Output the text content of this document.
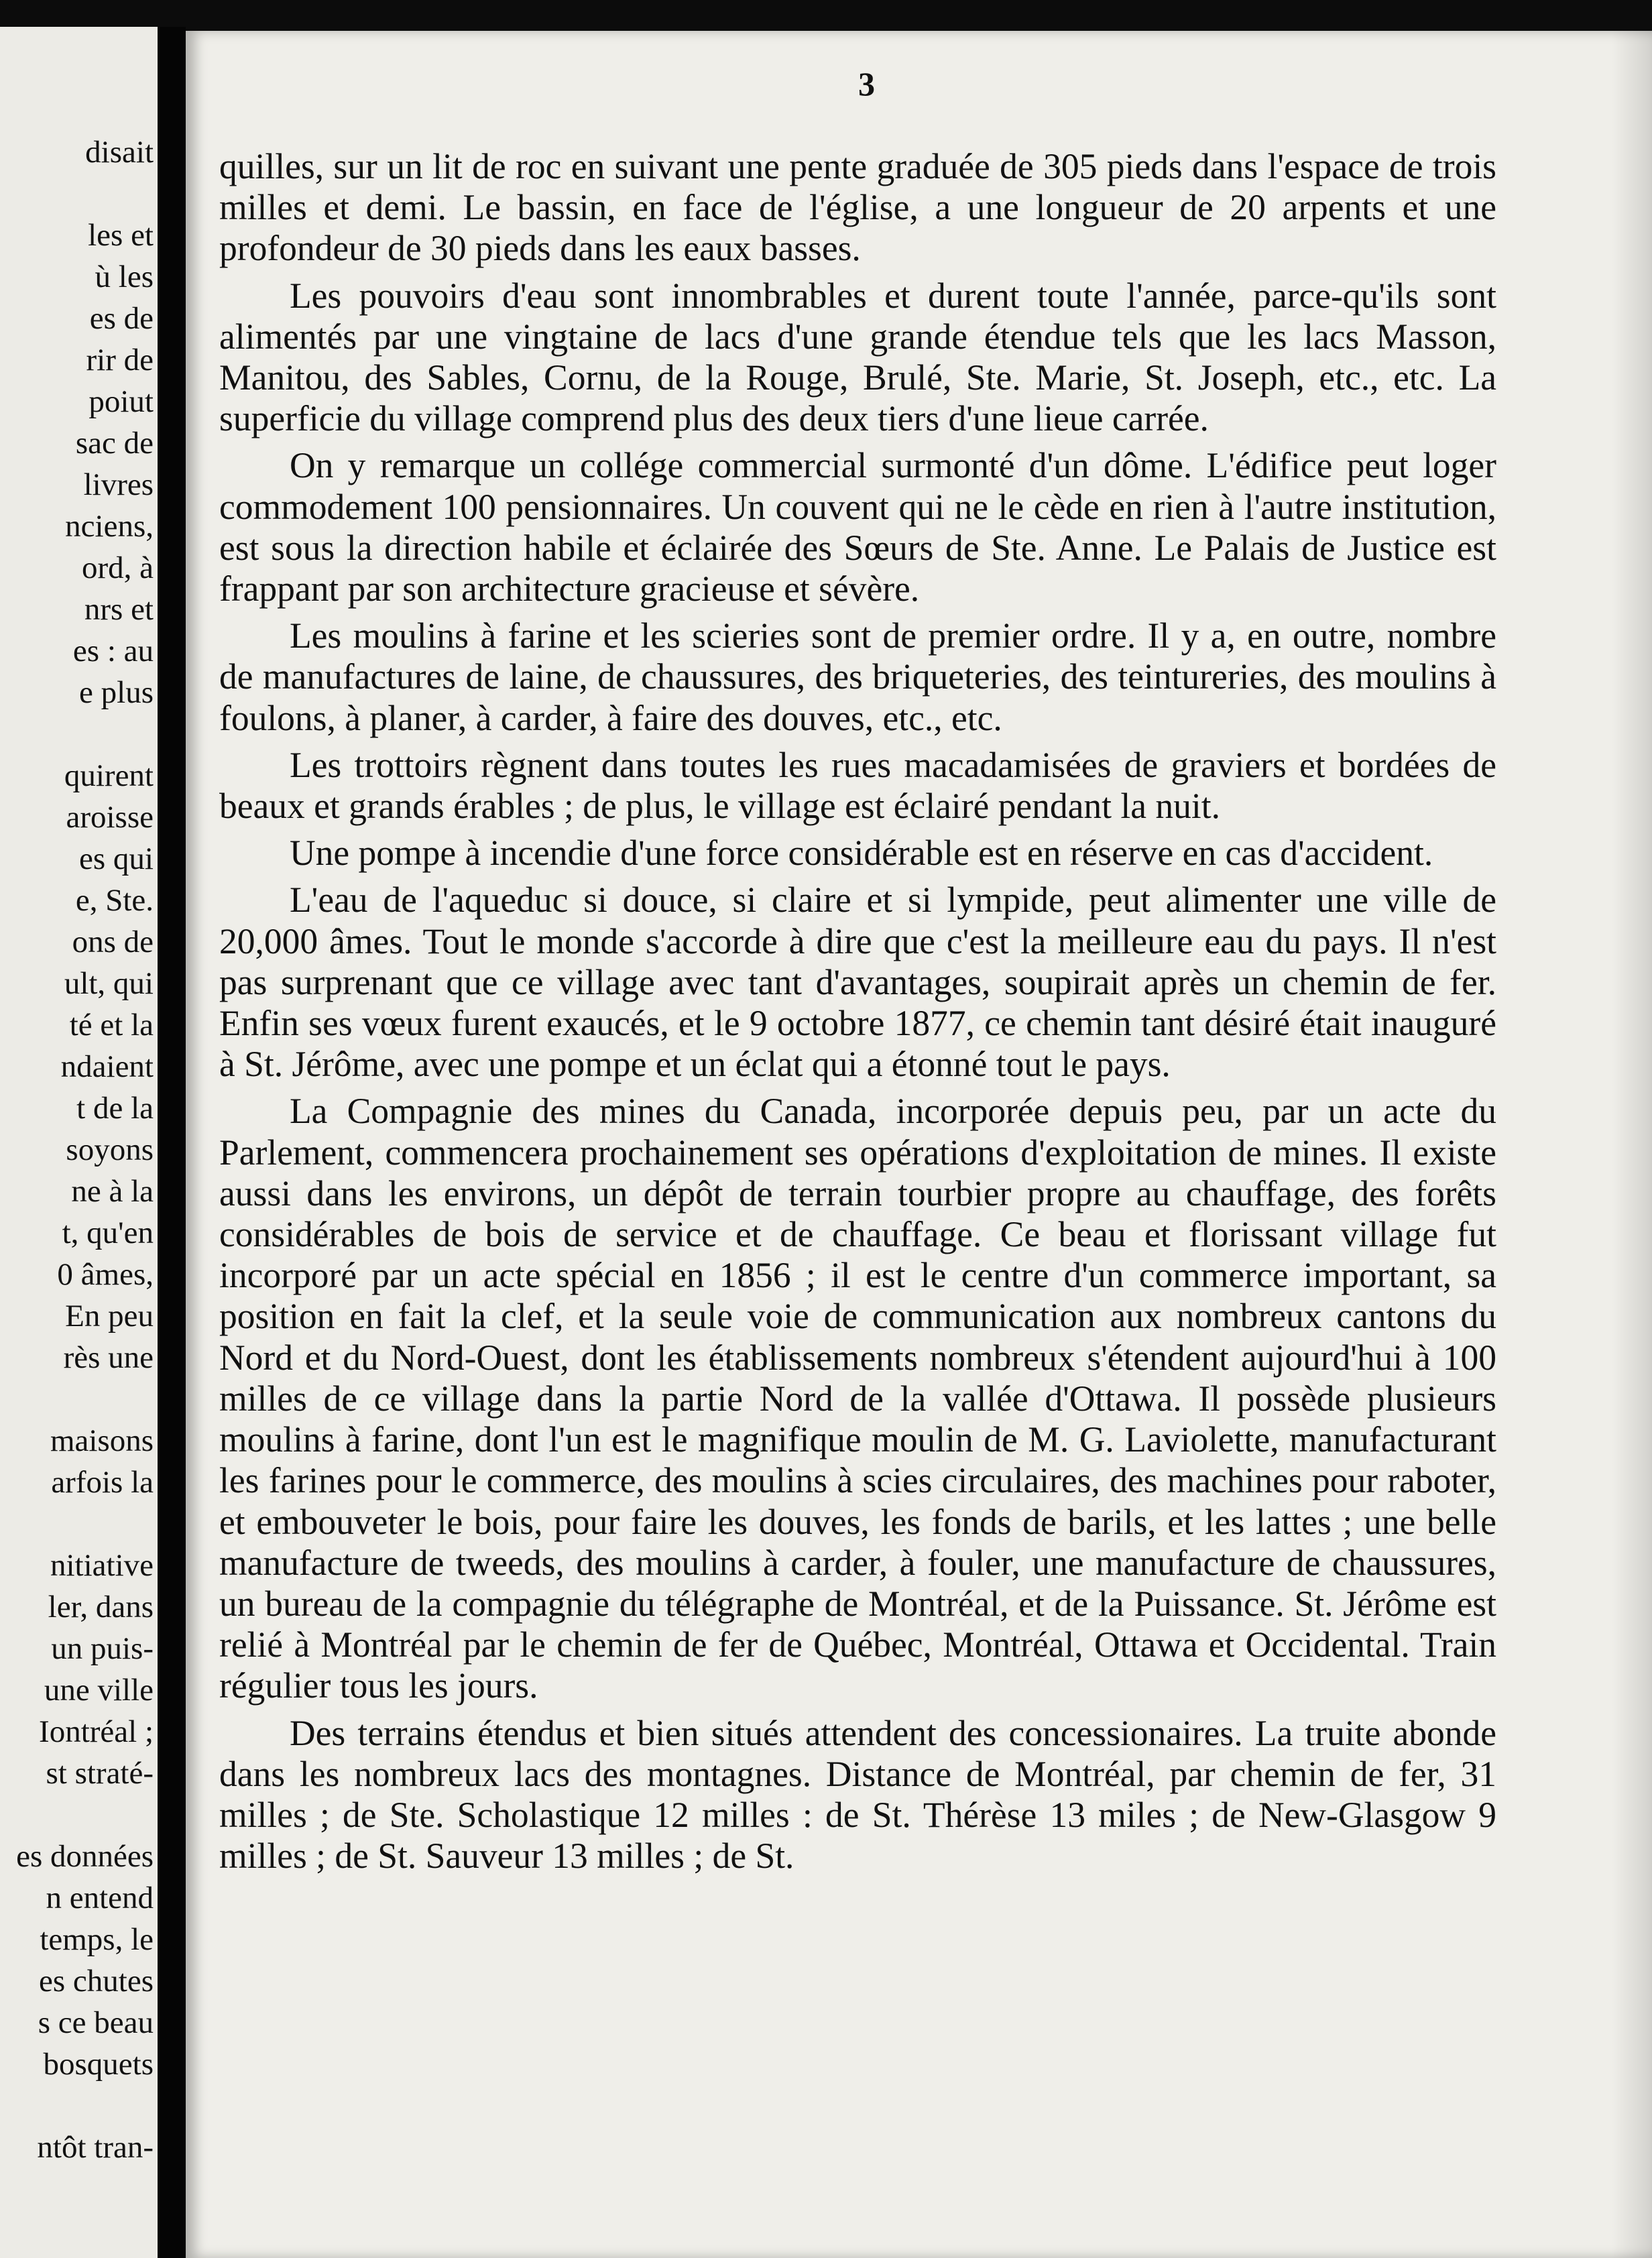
disait
les et
ù les
es de
rir de
poiut
sac de
livres
nciens,
ord, à
nrs et
es : au
e plus
quirent
aroisse
es qui
e, Ste.
ons de
ult, qui
té et la
ndaient
t de la
soyons
ne à la
t, qu'en
0 âmes,
En peu
rès une
maisons
arfois la
nitiative
ler, dans
un puis-
une ville
Iontréal ;
st straté-
es données
n entend
temps, le
es chutes
s ce beau
bosquets
ntôt tran-
3

quilles, sur un lit de roc en suivant une pente graduée de 305 pieds dans l'espace de trois milles et demi. Le bassin, en face de l'église, a une longueur de 20 arpents et une profondeur de 30 pieds dans les eaux basses.

Les pouvoirs d'eau sont innombrables et durent toute l'année, parce-qu'ils sont alimentés par une vingtaine de lacs d'une grande étendue tels que les lacs Masson, Manitou, des Sables, Cornu, de la Rouge, Brulé, Ste. Marie, St. Joseph, etc., etc. La superficie du village comprend plus des deux tiers d'une lieue carrée.

On y remarque un collége commercial surmonté d'un dôme. L'édifice peut loger commodement 100 pensionnaires. Un couvent qui ne le cède en rien à l'autre institution, est sous la direction habile et éclairée des Sœurs de Ste. Anne. Le Palais de Justice est frappant par son architecture gracieuse et sévère.

Les moulins à farine et les scieries sont de premier ordre. Il y a, en outre, nombre de manufactures de laine, de chaussures, des briqueteries, des teintureries, des moulins à foulons, à planer, à carder, à faire des douves, etc., etc.

Les trottoirs règnent dans toutes les rues macadamisées de graviers et bordées de beaux et grands érables ; de plus, le village est éclairé pendant la nuit.

Une pompe à incendie d'une force considérable est en réserve en cas d'accident.

L'eau de l'aqueduc si douce, si claire et si lympide, peut alimenter une ville de 20,000 âmes. Tout le monde s'accorde à dire que c'est la meilleure eau du pays. Il n'est pas surprenant que ce village avec tant d'avantages, soupirait après un chemin de fer. Enfin ses vœux furent exaucés, et le 9 octobre 1877, ce chemin tant désiré était inauguré à St. Jérôme, avec une pompe et un éclat qui a étonné tout le pays.

La Compagnie des mines du Canada, incorporée depuis peu, par un acte du Parlement, commencera prochainement ses opérations d'exploitation de mines. Il existe aussi dans les environs, un dépôt de terrain tourbier propre au chauffage, des forêts considérables de bois de service et de chauffage. Ce beau et florissant village fut incorporé par un acte spécial en 1856 ; il est le centre d'un commerce important, sa position en fait la clef, et la seule voie de communication aux nombreux cantons du Nord et du Nord-Ouest, dont les établissements nombreux s'étendent aujourd'hui à 100 milles de ce village dans la partie Nord de la vallée d'Ottawa. Il possède plusieurs moulins à farine, dont l'un est le magnifique moulin de M. G. Laviolette, manufacturant les farines pour le commerce, des moulins à scies circulaires, des machines pour raboter, et embouveter le bois, pour faire les douves, les fonds de barils, et les lattes ; une belle manufacture de tweeds, des moulins à carder, à fouler, une manufacture de chaussures, un bureau de la compagnie du télégraphe de Montréal, et de la Puissance. St. Jérôme est relié à Montréal par le chemin de fer de Québec, Montréal, Ottawa et Occidental. Train régulier tous les jours.

Des terrains étendus et bien situés attendent des concessionaires. La truite abonde dans les nombreux lacs des montagnes. Distance de Montréal, par chemin de fer, 31 milles ; de Ste. Scholastique 12 milles : de St. Thérèse 13 miles ; de New-Glasgow 9 milles ; de St. Sauveur 13 milles ; de St.
